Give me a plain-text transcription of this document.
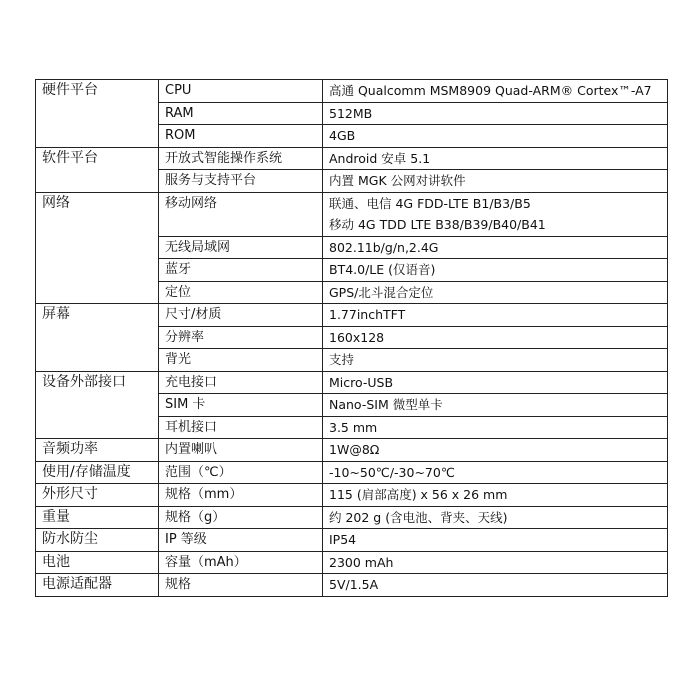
硬件平台	CPU	高通 Qualcomm MSM8909 Quad-ARM® Cortex™-A7
	RAM	512MB
	ROM	4GB
软件平台	开放式智能操作系统	Android 安卓 5.1
	服务与支持平台	内置 MGK 公网对讲软件
网络	移动网络	联通、电信 4G FDD-LTE B1/B3/B5
移动 4G TDD LTE B38/B39/B40/B41

	无线局域网	802.11b/g/n,2.4G
	蓝牙	BT4.0/LE (仅语音)
	定位	GPS/北斗混合定位
屏幕	尺寸/材质	1.77inchTFT
	分辨率	160x128
	背光	支持
设备外部接口	充电接口	Micro-USB
	SIM 卡	Nano-SIM 微型单卡
	耳机接口	3.5 mm
音频功率	内置喇叭	1W@8Ω
使用/存储温度	范围（℃）	-10~50℃/-30~70℃
外形尺寸	规格（mm）	115 (肩部高度) x 56 x 26 mm
重量	规格（g）	约 202 g (含电池、背夹、天线)
防水防尘	IP 等级	IP54
电池	容量（mAh）	2300 mAh
电源适配器	规格	5V/1.5A
